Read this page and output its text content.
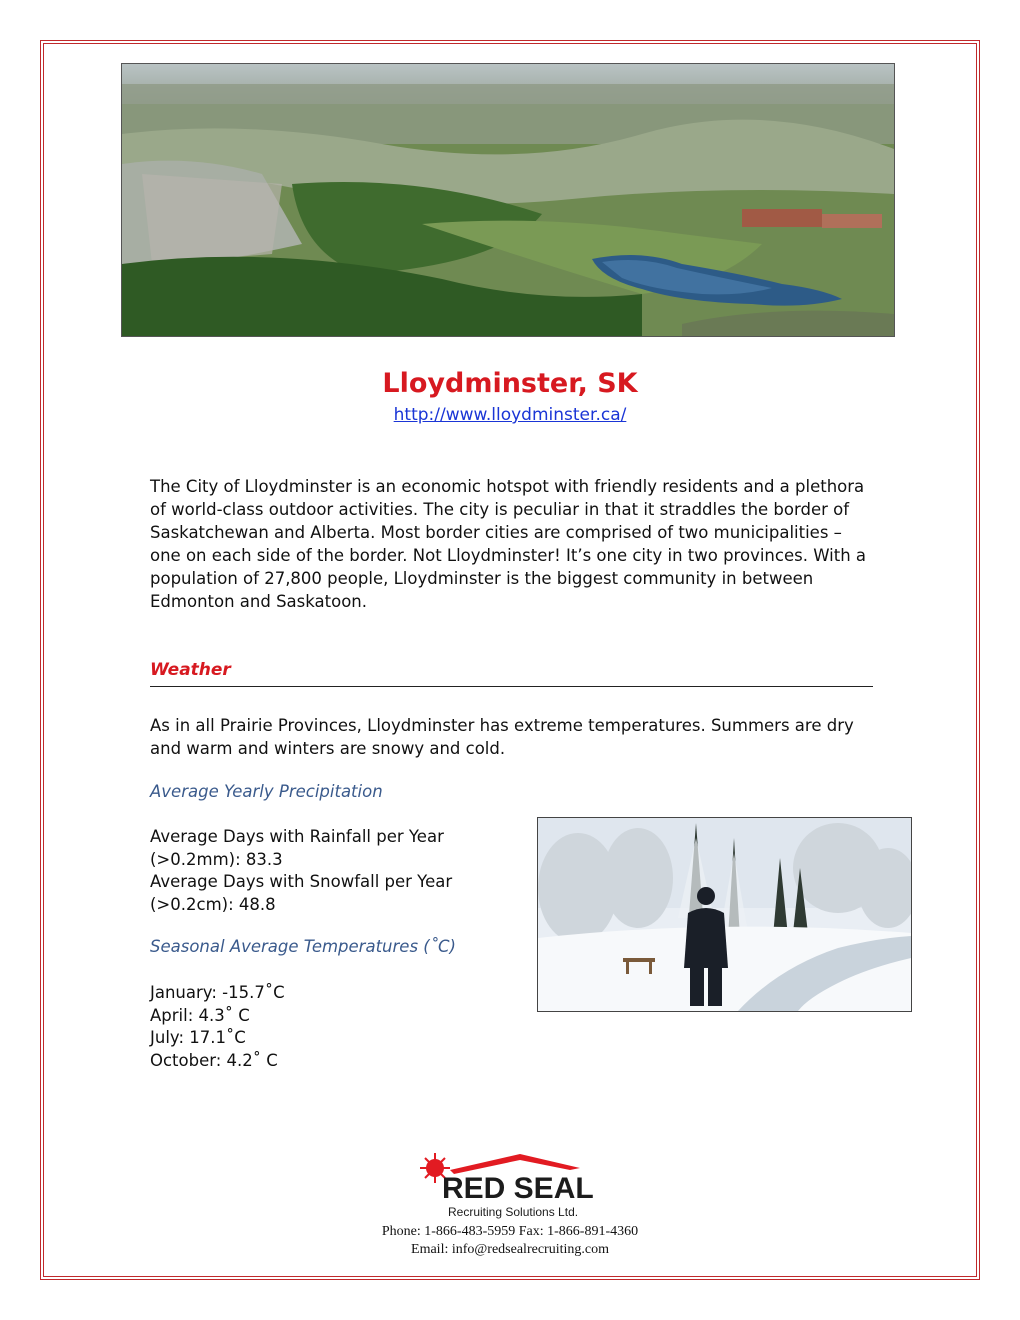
Lloydminster, SK
http://www.lloydminster.ca/

The City of Lloydminster is an economic hotspot with friendly residents and a plethora of world-class outdoor activities. The city is peculiar in that it straddles the border of Saskatchewan and Alberta. Most border cities are comprised of two municipalities – one on each side of the border. Not Lloydminster! It’s one city in two provinces. With a population of 27,800 people, Lloydminster is the biggest community in between Edmonton and Saskatoon.

Weather

As in all Prairie Provinces, Lloydminster has extreme temperatures. Summers are dry and warm and winters are snowy and cold.

Average Yearly Precipitation
Average Days with Rainfall per Year
(>0.2mm): 83.3
Average Days with Snowfall per Year
(>0.2cm): 48.8
Seasonal Average Temperatures (˚C)
January: -15.7˚C
April: 4.3˚ C
July: 17.1˚C
October: 4.2˚ C
RED SEAL
Recruiting Solutions Ltd.
Phone: 1-866-483-5959 Fax: 1-866-891-4360
Email: info@redsealrecruiting.com
